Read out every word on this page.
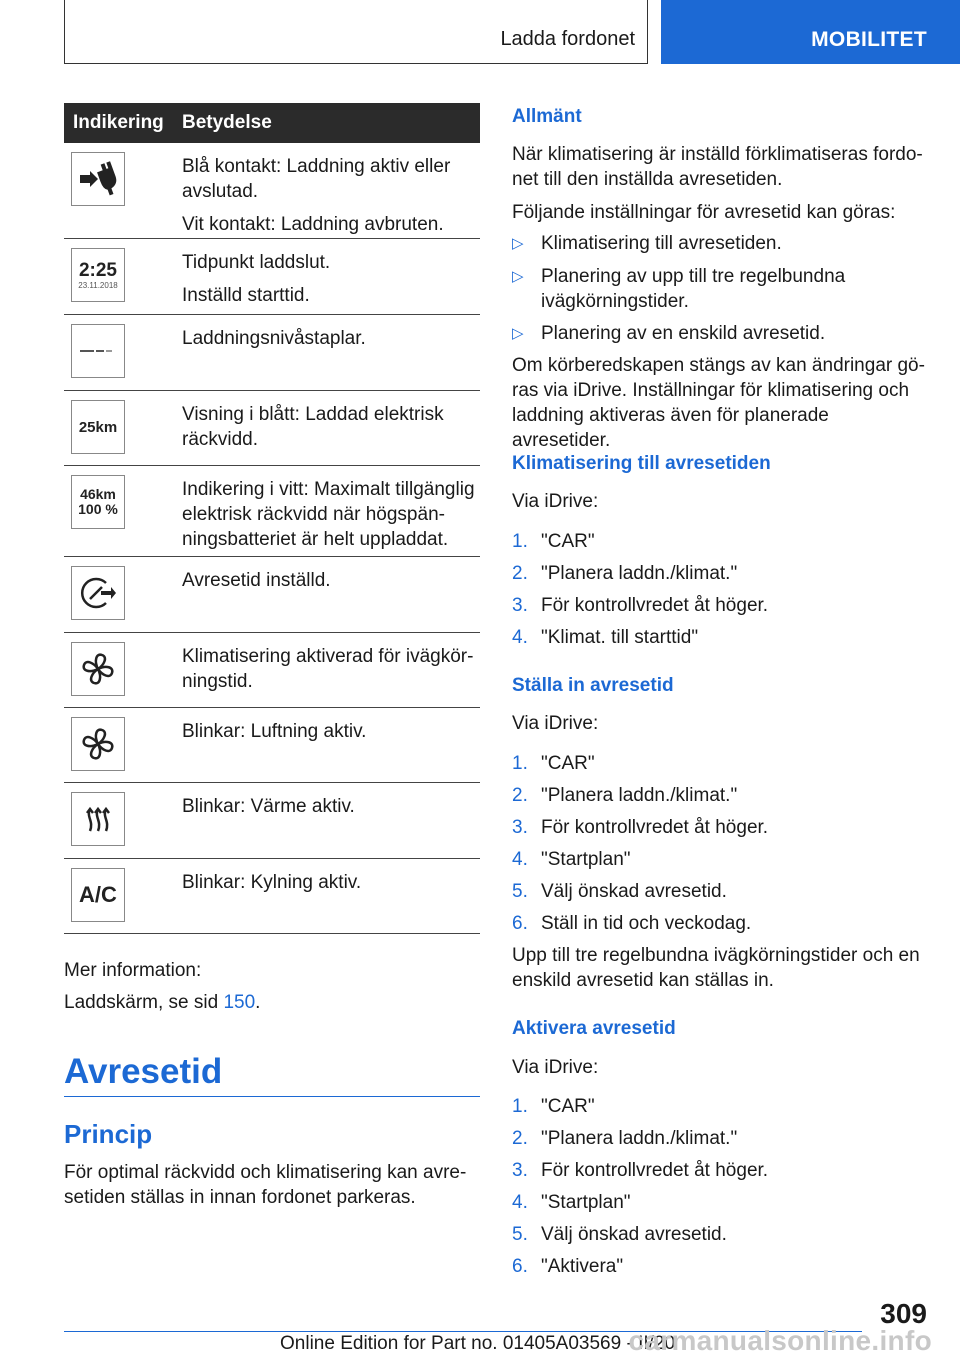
Ladda fordonet	MOBILITET
Indikering Betydelse

Blå kontakt: Laddning aktiv eller avslutad.

Vit kontakt: Laddning avbruten.

2:25
23.11.2018

Tidpunkt laddslut.

Inställd starttid.

Laddningsnivåstaplar.

25km

Visning i blått: Laddad elektrisk räckvidd.

46km
100 %

Indikering i vitt: Maximalt tillgänglig elektrisk räckvidd när högspänningsbatteriet är helt uppladdat.

Avresetid inställd.

Klimatisering aktiverad för ivägkörningstid.

Blinkar: Luftning aktiv.

Blinkar: Värme aktiv.

A/C	Blinkar: Kylning aktiv.

Mer information:
Laddskärm, se sid 150.
Avresetid
Princip
För optimal räckvidd och klimatisering kan avresetiden ställas in innan fordonet parkeras.
Allmänt
När klimatisering är inställd förklimatiseras fordonet till den inställda avresetiden.
Följande inställningar för avresetid kan göras:
▷ Klimatisering till avresetiden.
▷ Planering av upp till tre regelbundna ivägkörningstider.
▷ Planering av en enskild avresetid.
Om körberedskapen stängs av kan ändringar göras via iDrive. Inställningar för klimatisering och laddning aktiveras även för planerade avresetider.
Klimatisering till avresetiden
Via iDrive:
1. "CAR"
2. "Planera laddn./klimat."
3. För kontrollvredet åt höger.
4. "Klimat. till starttid"
Ställa in avresetid
Via iDrive:
1. "CAR"
2. "Planera laddn./klimat."
3. För kontrollvredet åt höger.
4. "Startplan"
5. Välj önskad avresetid.
6. Ställ in tid och veckodag.
Upp till tre regelbundna ivägkörningstider och en enskild avresetid kan ställas in.
Aktivera avresetid
Via iDrive:
1. "CAR"
2. "Planera laddn./klimat."
3. För kontrollvredet åt höger.
4. "Startplan"
5. Välj önskad avresetid.
6. "Aktivera"
309
Online Edition for Part no. 01405A03569 - II/20
carmanualsonline.info
